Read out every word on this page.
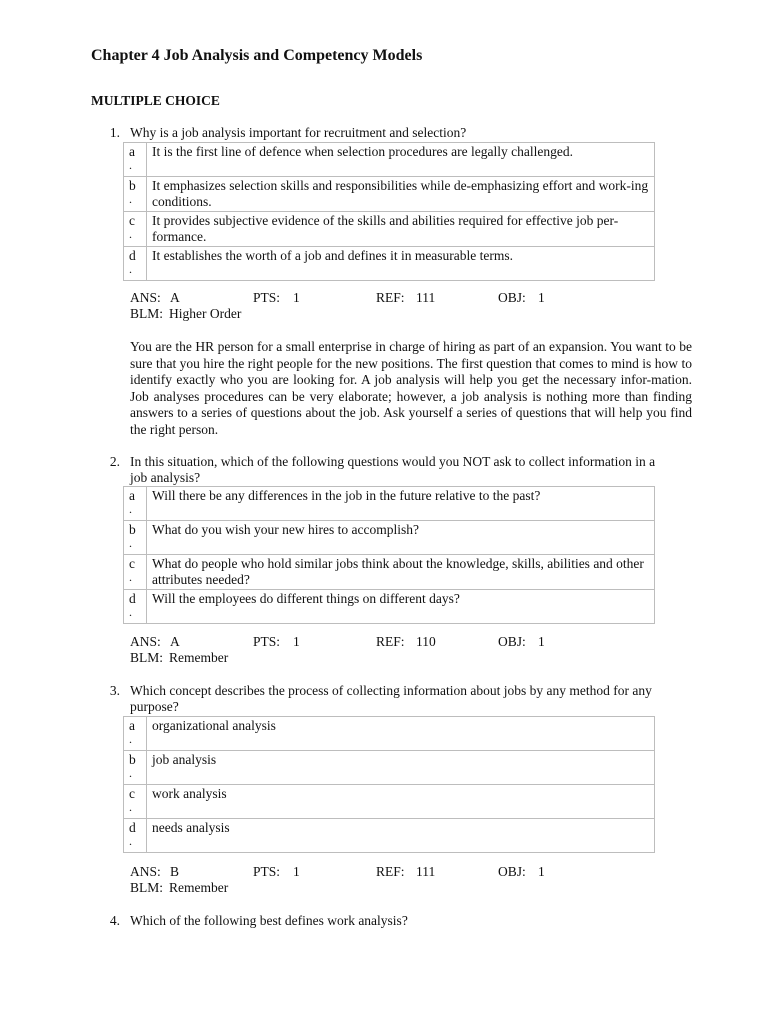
Chapter 4 Job Analysis and Competency Models
MULTIPLE CHOICE
1. Why is a job analysis important for recruitment and selection?
a
.	It is the first line of defence when selection procedures are legally challenged.
b
.	It emphasizes selection skills and responsibilities while de-emphasizing effort and work-ing conditions.
c
.	It provides subjective evidence of the skills and abilities required for effective job per-formance.
d
.	It establishes the worth of a job and defines it in measurable terms.
ANS: A	PTS: 1	REF: 111	OBJ: 1
BLM: Higher Order
You are the HR person for a small enterprise in charge of hiring as part of an expansion. You want to be sure that you hire the right people for the new positions. The first question that comes to mind is how to identify exactly who you are looking for. A job analysis will help you get the necessary infor-mation. Job analyses procedures can be very elaborate; however, a job analysis is nothing more than finding answers to a series of questions about the job. Ask yourself a series of questions that will help you find the right person.
2. In this situation, which of the following questions would you NOT ask to collect information in a job analysis?
a
.	Will there be any differences in the job in the future relative to the past?
b
.	What do you wish your new hires to accomplish?
c
.	What do people who hold similar jobs think about the knowledge, skills, abilities and other attributes needed?
d
.	Will the employees do different things on different days?
ANS: A	PTS: 1	REF: 110	OBJ: 1
BLM: Remember
3. Which concept describes the process of collecting information about jobs by any method for any purpose?
a
.	organizational analysis
b
.	job analysis
c
.	work analysis
d
.	needs analysis
ANS: B	PTS: 1	REF: 111	OBJ: 1
BLM: Remember
4. Which of the following best defines work analysis?
